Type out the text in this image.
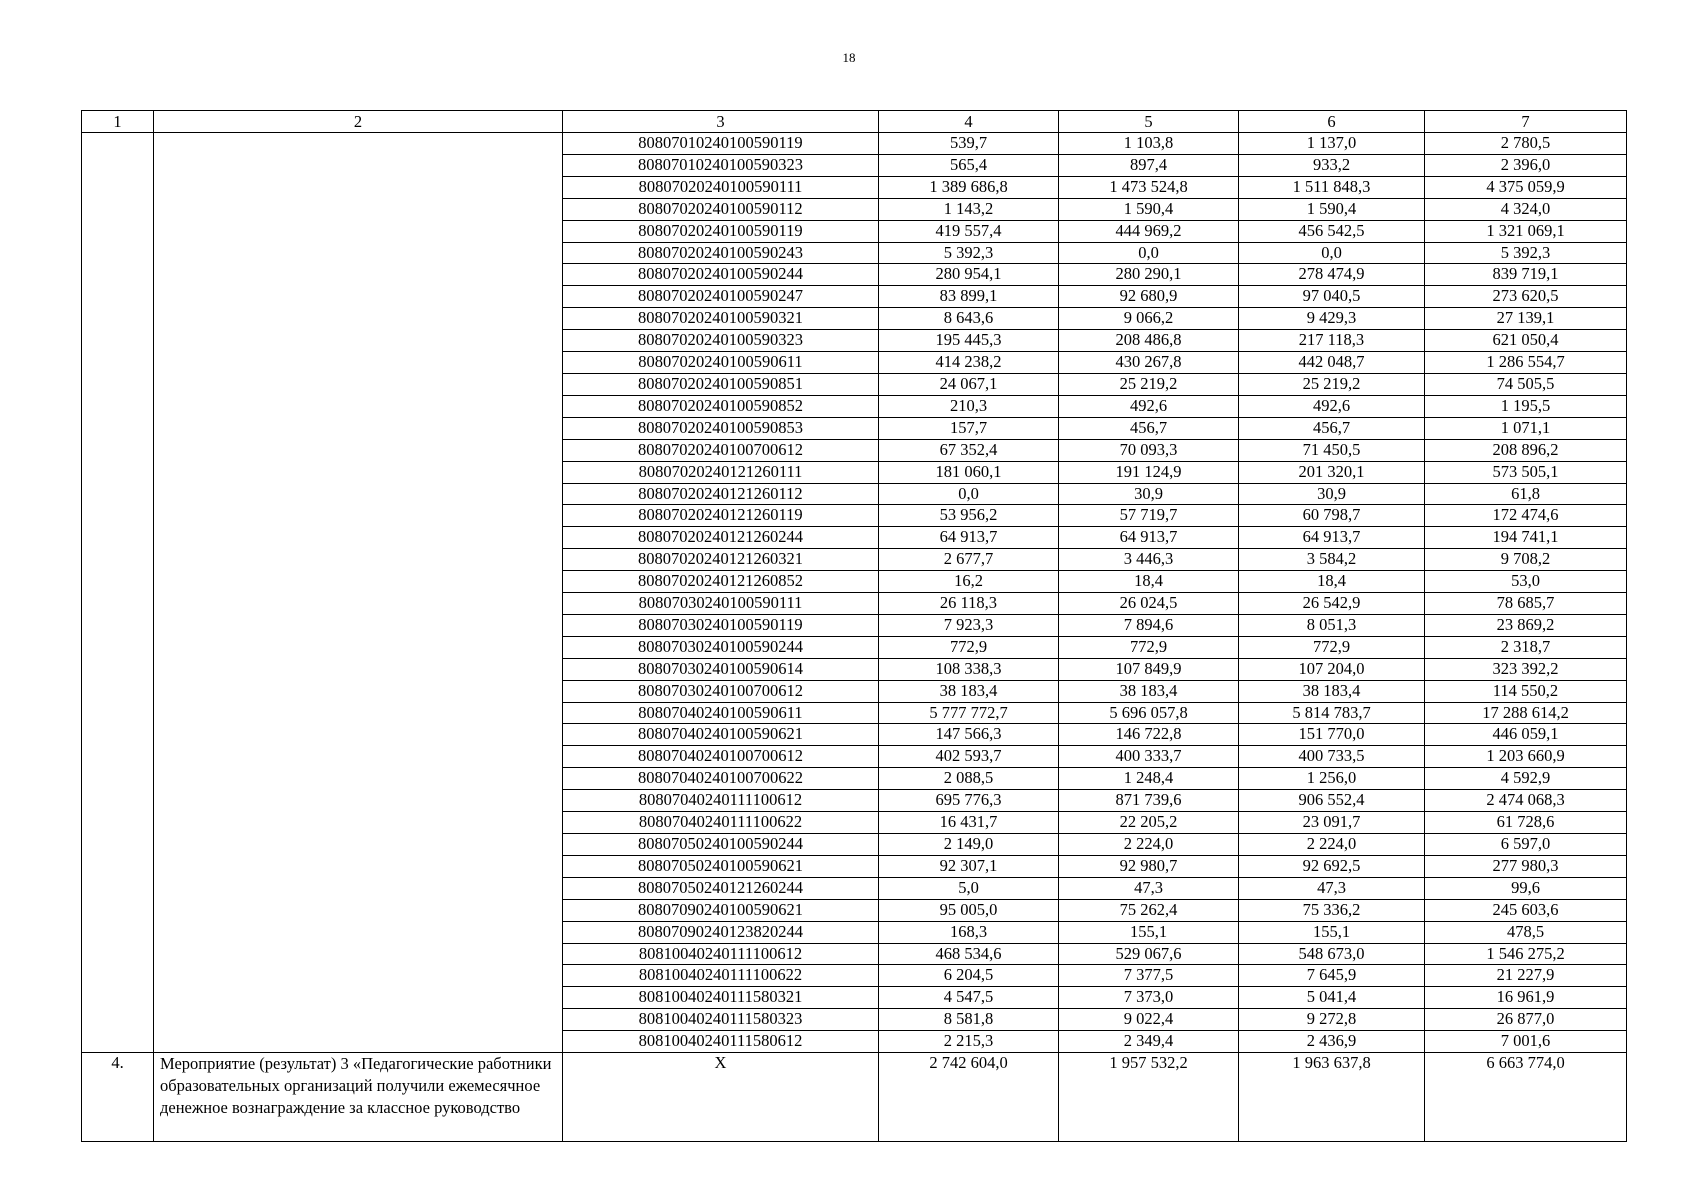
18
1	2	3	4	5	6	7
		80807010240100590119	539,7	1 103,8	1 137,0	2 780,5
		80807010240100590323	565,4	897,4	933,2	2 396,0
		80807020240100590111	1 389 686,8	1 473 524,8	1 511 848,3	4 375 059,9
		80807020240100590112	1 143,2	1 590,4	1 590,4	4 324,0
		80807020240100590119	419 557,4	444 969,2	456 542,5	1 321 069,1
		80807020240100590243	5 392,3	0,0	0,0	5 392,3
		80807020240100590244	280 954,1	280 290,1	278 474,9	839 719,1
		80807020240100590247	83 899,1	92 680,9	97 040,5	273 620,5
		80807020240100590321	8 643,6	9 066,2	9 429,3	27 139,1
		80807020240100590323	195 445,3	208 486,8	217 118,3	621 050,4
		80807020240100590611	414 238,2	430 267,8	442 048,7	1 286 554,7
		80807020240100590851	24 067,1	25 219,2	25 219,2	74 505,5
		80807020240100590852	210,3	492,6	492,6	1 195,5
		80807020240100590853	157,7	456,7	456,7	1 071,1
		80807020240100700612	67 352,4	70 093,3	71 450,5	208 896,2
		80807020240121260111	181 060,1	191 124,9	201 320,1	573 505,1
		80807020240121260112	0,0	30,9	30,9	61,8
		80807020240121260119	53 956,2	57 719,7	60 798,7	172 474,6
		80807020240121260244	64 913,7	64 913,7	64 913,7	194 741,1
		80807020240121260321	2 677,7	3 446,3	3 584,2	9 708,2
		80807020240121260852	16,2	18,4	18,4	53,0
		80807030240100590111	26 118,3	26 024,5	26 542,9	78 685,7
		80807030240100590119	7 923,3	7 894,6	8 051,3	23 869,2
		80807030240100590244	772,9	772,9	772,9	2 318,7
		80807030240100590614	108 338,3	107 849,9	107 204,0	323 392,2
		80807030240100700612	38 183,4	38 183,4	38 183,4	114 550,2
		80807040240100590611	5 777 772,7	5 696 057,8	5 814 783,7	17 288 614,2
		80807040240100590621	147 566,3	146 722,8	151 770,0	446 059,1
		80807040240100700612	402 593,7	400 333,7	400 733,5	1 203 660,9
		80807040240100700622	2 088,5	1 248,4	1 256,0	4 592,9
		80807040240111100612	695 776,3	871 739,6	906 552,4	2 474 068,3
		80807040240111100622	16 431,7	22 205,2	23 091,7	61 728,6
		80807050240100590244	2 149,0	2 224,0	2 224,0	6 597,0
		80807050240100590621	92 307,1	92 980,7	92 692,5	277 980,3
		80807050240121260244	5,0	47,3	47,3	99,6
		80807090240100590621	95 005,0	75 262,4	75 336,2	245 603,6
		80807090240123820244	168,3	155,1	155,1	478,5
		80810040240111100612	468 534,6	529 067,6	548 673,0	1 546 275,2
		80810040240111100622	6 204,5	7 377,5	7 645,9	21 227,9
		80810040240111580321	4 547,5	7 373,0	5 041,4	16 961,9
		80810040240111580323	8 581,8	9 022,4	9 272,8	26 877,0
		80810040240111580612	2 215,3	2 349,4	2 436,9	7 001,6
4.	Мероприятие (результат) 3 «Педагогические работники образовательных организаций получили ежемесячное денежное вознаграждение за классное руководство	X	2 742 604,0	1 957 532,2	1 963 637,8	6 663 774,0
